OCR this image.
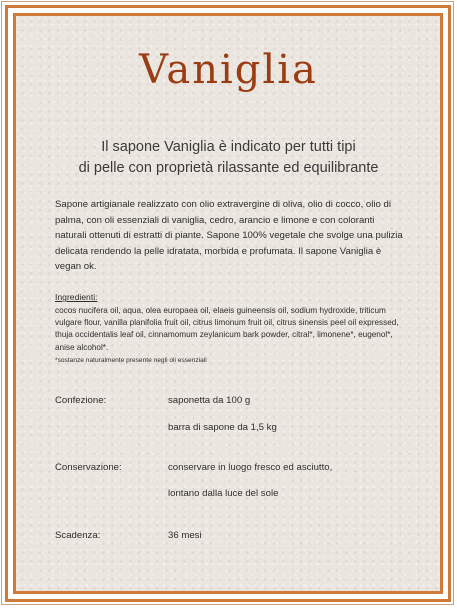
Vaniglia
Il sapone Vaniglia è indicato per tutti tipi
di pelle con proprietà rilassante ed equilibrante
Sapone artigianale realizzato con olio extravergine di oliva, olio di cocco, olio di palma, con oli essenziali di vaniglia, cedro, arancio e limone e con coloranti naturali ottenuti di estratti di piante. Sapone 100% vegetale che svolge una pulizia delicata rendendo la pelle idratata, morbida e profumata. Il sapone Vaniglia è vegan ok.
Ingredienti:
cocos nucifera oil, aqua, olea europaea oil, elaeis guineensis oil, sodium hydroxide, triticum vulgare flour, vanilla planifolia fruit oil, citrus limonum fruit oil, citrus sinensis peel oil expressed, thuja occidentalis leaf oil, cinnamomum zeylanicum bark powder, citral*, limonene*, eugenol*, anise alcohol*.
*sostanze naturalmente presente negli oli essenziali
Confezione:	saponetta da 100 g
barra di sapone da 1,5 kg
Conservazione:	conservare in luogo fresco ed asciutto,
lontano dalla luce del sole
Scadenza:	36 mesi
